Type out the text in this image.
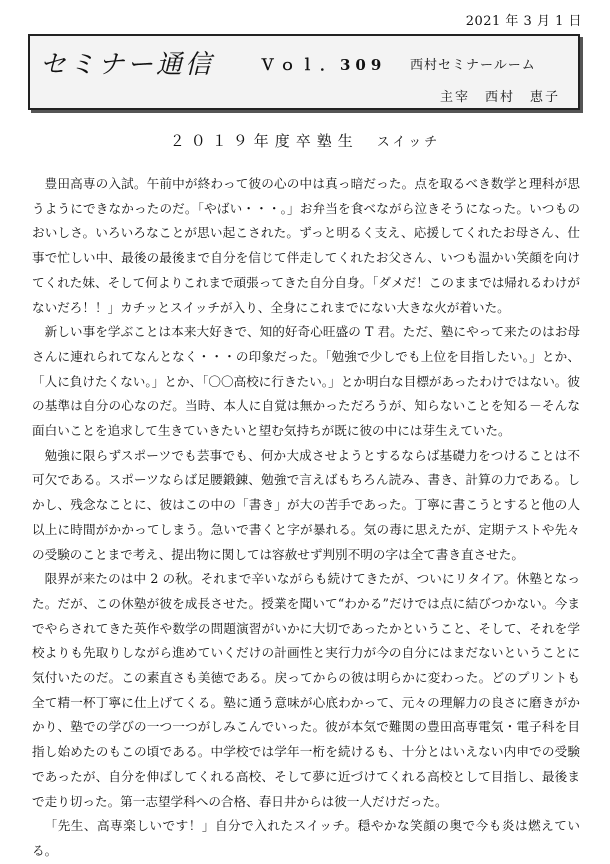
2021 年 3 月 1 日
セミナー通信	Ｖｏｌ．309 西村セミナールーム
主宰　西村　恵子
２０１９年度卒塾生 スイッチ

豊田高専の入試。午前中が終わって彼の心の中は真っ暗だった。点を取るべき数学と理科が思うようにできなかったのだ。「やばい・・・。」お弁当を食べながら泣きそうになった。いつものおいしさ。いろいろなことが思い起こされた。ずっと明るく支え、応援してくれたお母さん、仕事で忙しい中、最後の最後まで自分を信じて伴走してくれたお父さん、いつも温かい笑顔を向けてくれた妹、そして何よりこれまで頑張ってきた自分自身。「ダメだ！このままでは帰れるわけがないだろ！！」カチッとスイッチが入り、全身にこれまでにない大きな火が着いた。

新しい事を学ぶことは本来大好きで、知的好奇心旺盛の T 君。ただ、塾にやって来たのはお母さんに連れられてなんとなく・・・の印象だった。「勉強で少しでも上位を目指したい。」とか、「人に負けたくない。」とか、「〇〇高校に行きたい。」とか明白な目標があったわけではない。彼の基準は自分の心なのだ。当時、本人に自覚は無かっただろうが、知らないことを知る－そんな面白いことを追求して生きていきたいと望む気持ちが既に彼の中には芽生えていた。

勉強に限らずスポーツでも芸事でも、何か大成させようとするならば基礎力をつけることは不可欠である。スポーツならば足腰鍛錬、勉強で言えばもちろん読み、書き、計算の力である。しかし、残念なことに、彼はこの中の「書き」が大の苦手であった。丁寧に書こうとすると他の人以上に時間がかかってしまう。急いで書くと字が暴れる。気の毒に思えたが、定期テストや先々の受験のことまで考え、提出物に関しては容赦せず判別不明の字は全て書き直させた。

限界が来たのは中 2 の秋。それまで辛いながらも続けてきたが、ついにリタイア。休塾となった。だが、この休塾が彼を成長させた。授業を聞いて“わかる”だけでは点に結びつかない。今までやらされてきた英作や数学の問題演習がいかに大切であったかということ、そして、それを学校よりも先取りしながら進めていくだけの計画性と実行力が今の自分にはまだないということに気付いたのだ。この素直さも美徳である。戻ってからの彼は明らかに変わった。どのプリントも全て精一杯丁寧に仕上げてくる。塾に通う意味が心底わかって、元々の理解力の良さに磨きがかかり、塾での学びの一つ一つがしみこんでいった。彼が本気で難関の豊田高専電気・電子科を目指し始めたのもこの頃である。中学校では学年一桁を続けるも、十分とはいえない内申での受験であったが、自分を伸ばしてくれる高校、そして夢に近づけてくれる高校として目指し、最後まで走り切った。第一志望学科への合格、春日井からは彼一人だけだった。

「先生、高専楽しいです！」自分で入れたスイッチ。穏やかな笑顔の奥で今も炎は燃えている。
